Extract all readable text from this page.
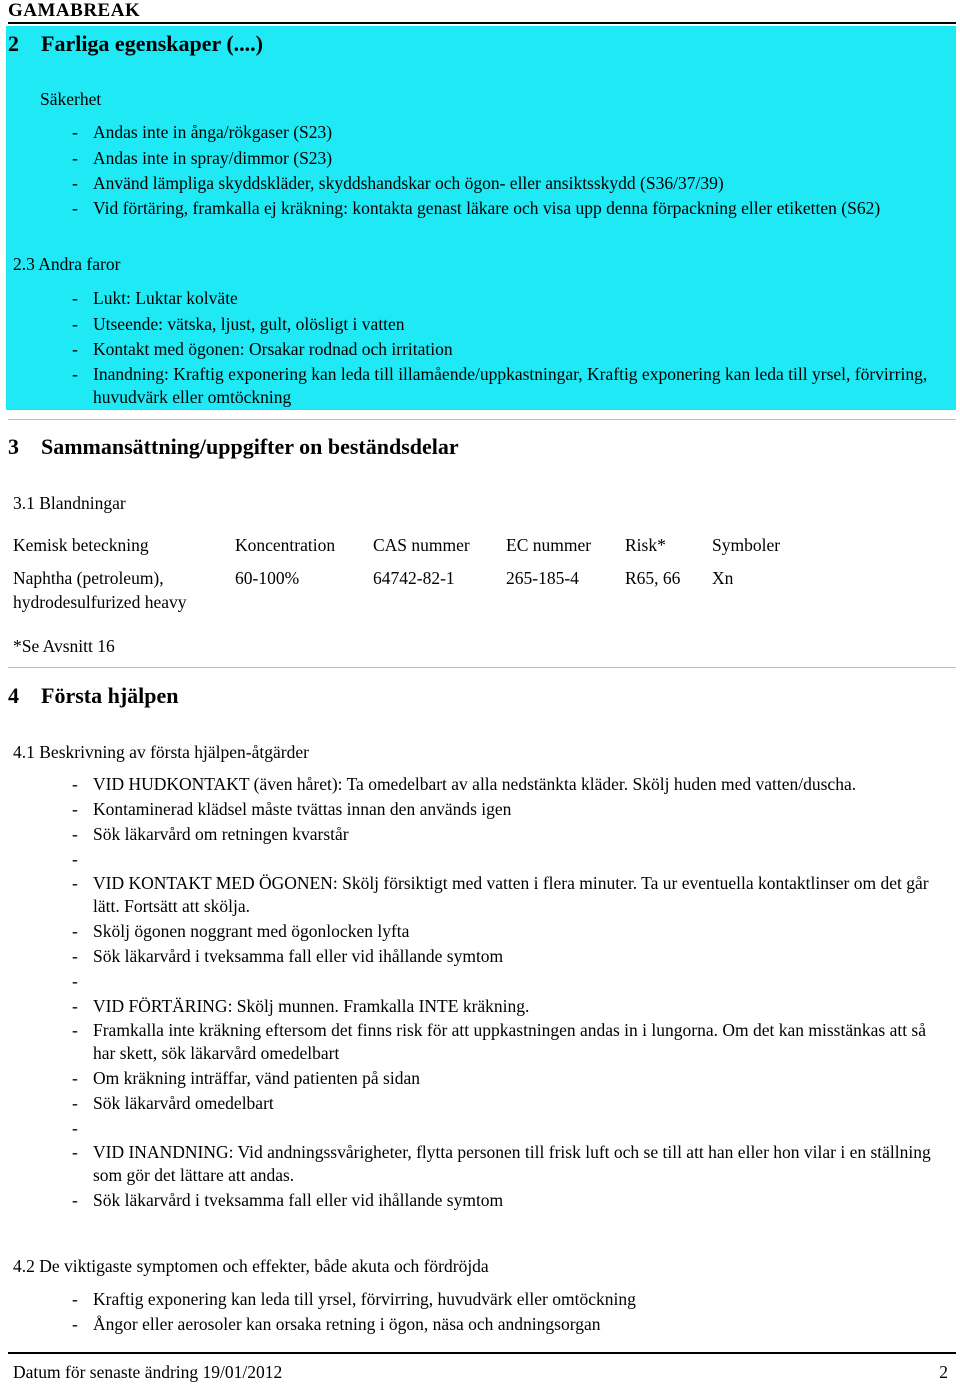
GAMABREAK
2 Farliga egenskaper (....)
Säkerhet
- Andas inte in ånga/rökgaser (S23)
- Andas inte in spray/dimmor (S23)
- Använd lämpliga skyddskläder, skyddshandskar och ögon- eller ansiktsskydd (S36/37/39)
- Vid förtäring, framkalla ej kräkning: kontakta genast läkare och visa upp denna förpackning eller etiketten (S62)
2.3 Andra faror
- Lukt: Luktar kolväte
- Utseende: vätska, ljust, gult, olösligt i vatten
- Kontakt med ögonen: Orsakar rodnad och irritation
- Inandning: Kraftig exponering kan leda till illamående/uppkastningar, Kraftig exponering kan leda till yrsel, förvirring, huvudvärk eller omtöckning
3 Sammansättning/uppgifter on beständsdelar
3.1 Blandningar
Kemisk beteckning	Koncentration	CAS nummer	EC nummer	Risk*	Symboler
Naphtha (petroleum), hydrodesulfurized heavy	60-100%	64742-82-1	265-185-4	R65, 66	Xn
*Se Avsnitt 16
4 Första hjälpen
4.1 Beskrivning av första hjälpen-åtgärder
- VID HUDKONTAKT (även håret): Ta omedelbart av alla nedstänkta kläder. Skölj huden med vatten/duscha.
- Kontaminerad klädsel måste tvättas innan den används igen
- Sök läkarvård om retningen kvarstår
-

- VID KONTAKT MED ÖGONEN: Skölj försiktigt med vatten i flera minuter. Ta ur eventuella kontaktlinser om det går lätt. Fortsätt att skölja.
- Skölj ögonen noggrant med ögonlocken lyfta
- Sök läkarvård i tveksamma fall eller vid ihållande symtom
-

- VID FÖRTÄRING: Skölj munnen. Framkalla INTE kräkning.
- Framkalla inte kräkning eftersom det finns risk för att uppkastningen andas in i lungorna. Om det kan misstänkas att så har skett, sök läkarvård omedelbart
- Om kräkning inträffar, vänd patienten på sidan
- Sök läkarvård omedelbart
-

- VID INANDNING: Vid andningssvårigheter, flytta personen till frisk luft och se till att han eller hon vilar i en ställning som gör det lättare att andas.
- Sök läkarvård i tveksamma fall eller vid ihållande symtom
4.2 De viktigaste symptomen och effekter, både akuta och fördröjda
- Kraftig exponering kan leda till yrsel, förvirring, huvudvärk eller omtöckning
- Ångor eller aerosoler kan orsaka retning i ögon, näsa och andningsorgan
Datum för senaste ändring 19/01/2012	2
